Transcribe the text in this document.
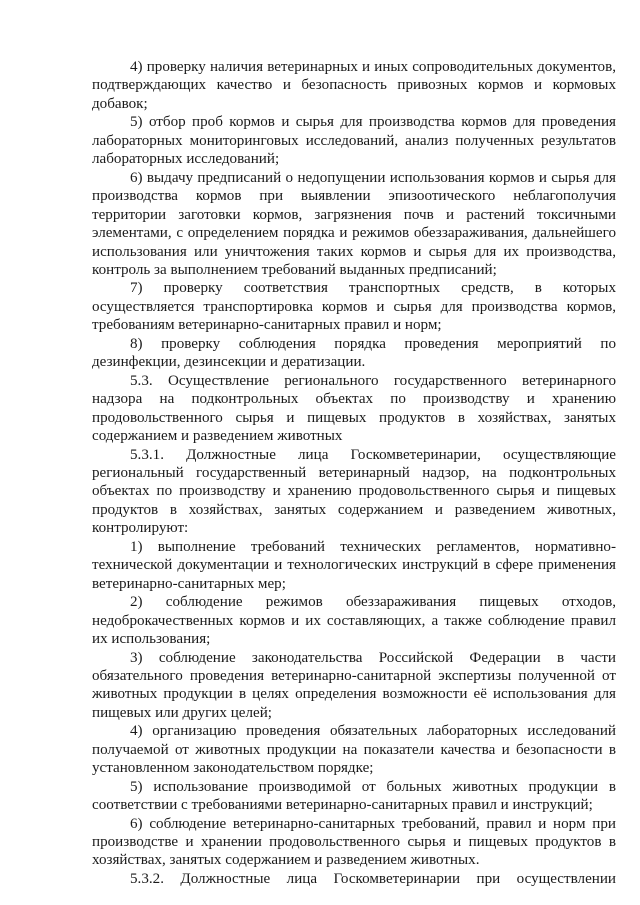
4) проверку наличия ветеринарных и иных сопроводительных документов, подтверждающих качество и безопасность привозных кормов и кормовых добавок;

5) отбор проб кормов и сырья для производства кормов для проведения лабораторных мониторинговых исследований, анализ полученных результатов лабораторных исследований;

6) выдачу предписаний о недопущении использования кормов и сырья для производства кормов при выявлении эпизоотического неблагополучия территории заготовки кормов, загрязнения почв и растений токсичными элементами, с определением порядка и режимов обеззараживания, дальнейшего использования или уничтожения таких кормов и сырья для их производства, контроль за выполнением требований выданных предписаний;

7) проверку соответствия транспортных средств, в которых осуществляется транспортировка кормов и сырья для производства кормов, требованиям ветеринарно-санитарных правил и норм;

8) проверку соблюдения порядка проведения мероприятий по дезинфекции, дезинсекции и дератизации.

5.3. Осуществление регионального государственного ветеринарного надзора на подконтрольных объектах по производству и хранению продовольственного сырья и пищевых продуктов в хозяйствах, занятых содержанием и разведением животных

5.3.1. Должностные лица Госкомветеринарии, осуществляющие региональный государственный ветеринарный надзор, на подконтрольных объектах по производству и хранению продовольственного сырья и пищевых продуктов в хозяйствах, занятых содержанием и разведением животных, контролируют:

1) выполнение требований технических регламентов, нормативно-технической документации и технологических инструкций в сфере применения ветеринарно-санитарных мер;

2) соблюдение режимов обеззараживания пищевых отходов, недоброкачественных кормов и их составляющих, а также соблюдение правил их использования;

3) соблюдение законодательства Российской Федерации в части обязательного проведения ветеринарно-санитарной экспертизы полученной от животных продукции в целях определения возможности её использования для пищевых или других целей;

4) организацию проведения обязательных лабораторных исследований получаемой от животных продукции на показатели качества и безопасности в установленном законодательством порядке;

5) использование производимой от больных животных продукции в соответствии с требованиями ветеринарно-санитарных правил и инструкций;

6) соблюдение ветеринарно-санитарных требований, правил и норм при производстве и хранении продовольственного сырья и пищевых продуктов в хозяйствах, занятых содержанием и разведением животных.

5.3.2. Должностные лица Госкомветеринарии при осуществлении
